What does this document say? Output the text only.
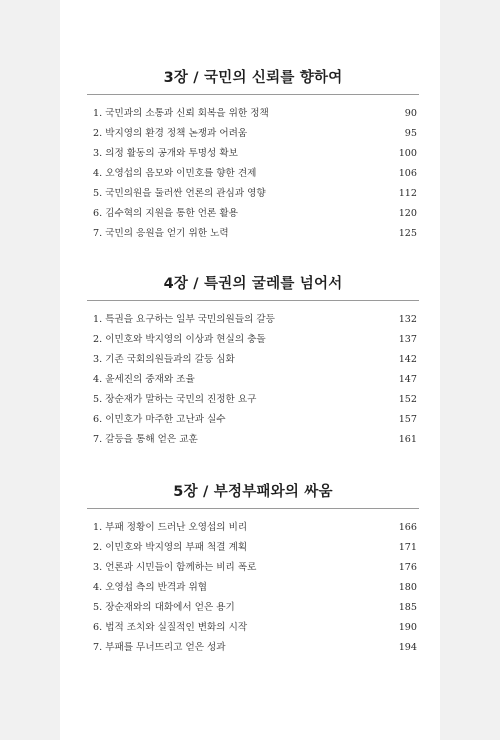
3장 / 국민의 신뢰를 향하여
1. 국민과의 소통과 신뢰 회복을 위한 정책	90
2. 박지영의 환경 정책 논쟁과 어려움	95
3. 의정 활동의 공개와 투명성 확보	100
4. 오영섭의 음모와 이민호를 향한 견제	106
5. 국민의원을 둘러싼 언론의 관심과 영향	112
6. 김수혁의 지원을 통한 언론 활용	120
7. 국민의 응원을 얻기 위한 노력	125
4장 / 특권의 굴레를 넘어서
1. 특권을 요구하는 일부 국민의원들의 갈등	132
2. 이민호와 박지영의 이상과 현실의 충돌	137
3. 기존 국회의원들과의 갈등 심화	142
4. 윤세진의 중재와 조율	147
5. 장순재가 말하는 국민의 진정한 요구	152
6. 이민호가 마주한 고난과 실수	157
7. 갈등을 통해 얻은 교훈	161
5장 / 부정부패와의 싸움
1. 부패 정황이 드러난 오영섭의 비리	166
2. 이민호와 박지영의 부패 척결 계획	171
3. 언론과 시민들이 함께하는 비리 폭로	176
4. 오영섭 측의 반격과 위협	180
5. 장순재와의 대화에서 얻은 용기	185
6. 법적 조치와 실질적인 변화의 시작	190
7. 부패를 무너뜨리고 얻은 성과	194
